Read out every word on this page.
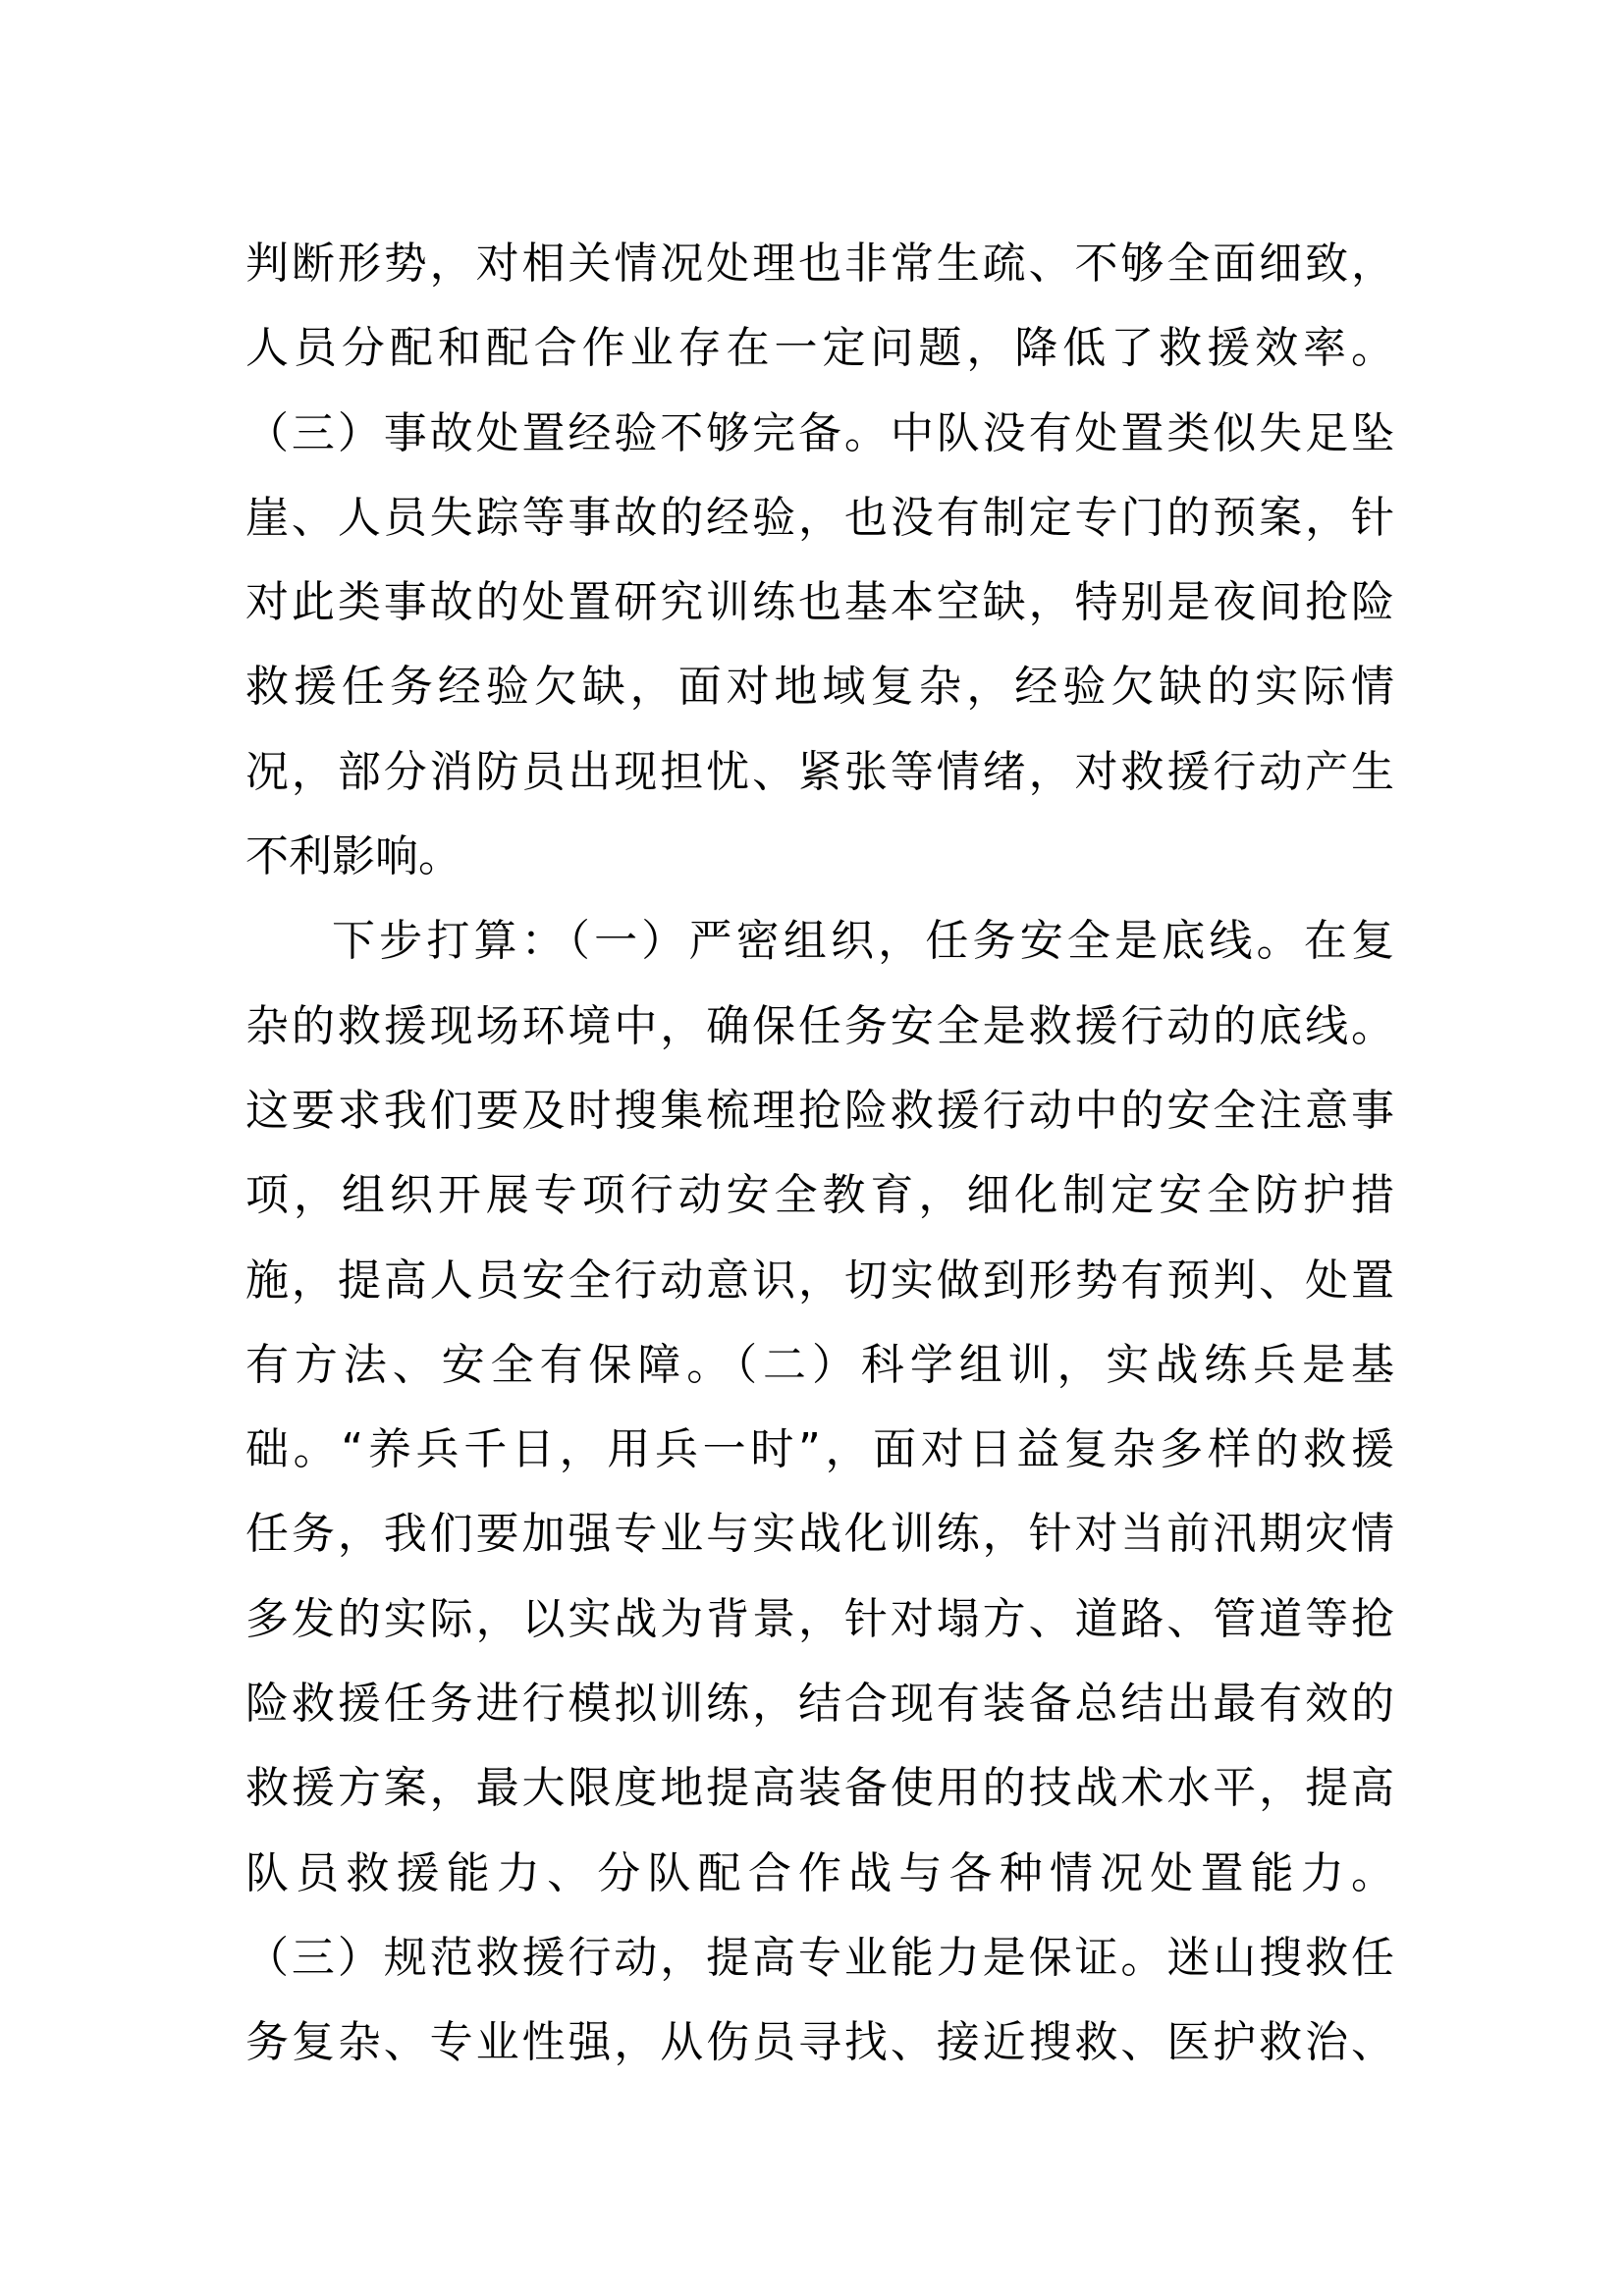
判断形势，对相关情况处理也非常生疏、不够全面细致，
人员分配和配合作业存在一定问题，降低了救援效率。
（三）事故处置经验不够完备。中队没有处置类似失足坠
崖、人员失踪等事故的经验，也没有制定专门的预案，针
对此类事故的处置研究训练也基本空缺，特别是夜间抢险
救援任务经验欠缺，面对地域复杂，经验欠缺的实际情
况，部分消防员出现担忧、紧张等情绪，对救援行动产生
不利影响。
下步打算：（一）严密组织，任务安全是底线。在复
杂的救援现场环境中，确保任务安全是救援行动的底线。
这要求我们要及时搜集梳理抢险救援行动中的安全注意事
项，组织开展专项行动安全教育，细化制定安全防护措
施，提高人员安全行动意识，切实做到形势有预判、处置
有方法、安全有保障。（二）科学组训，实战练兵是基
础。“养兵千日，用兵一时”，面对日益复杂多样的救援
任务，我们要加强专业与实战化训练，针对当前汛期灾情
多发的实际，以实战为背景，针对塌方、道路、管道等抢
险救援任务进行模拟训练，结合现有装备总结出最有效的
救援方案，最大限度地提高装备使用的技战术水平，提高
队员救援能力、分队配合作战与各种情况处置能力。
（三）规范救援行动，提高专业能力是保证。迷山搜救任
务复杂、专业性强，从伤员寻找、接近搜救、医护救治、
